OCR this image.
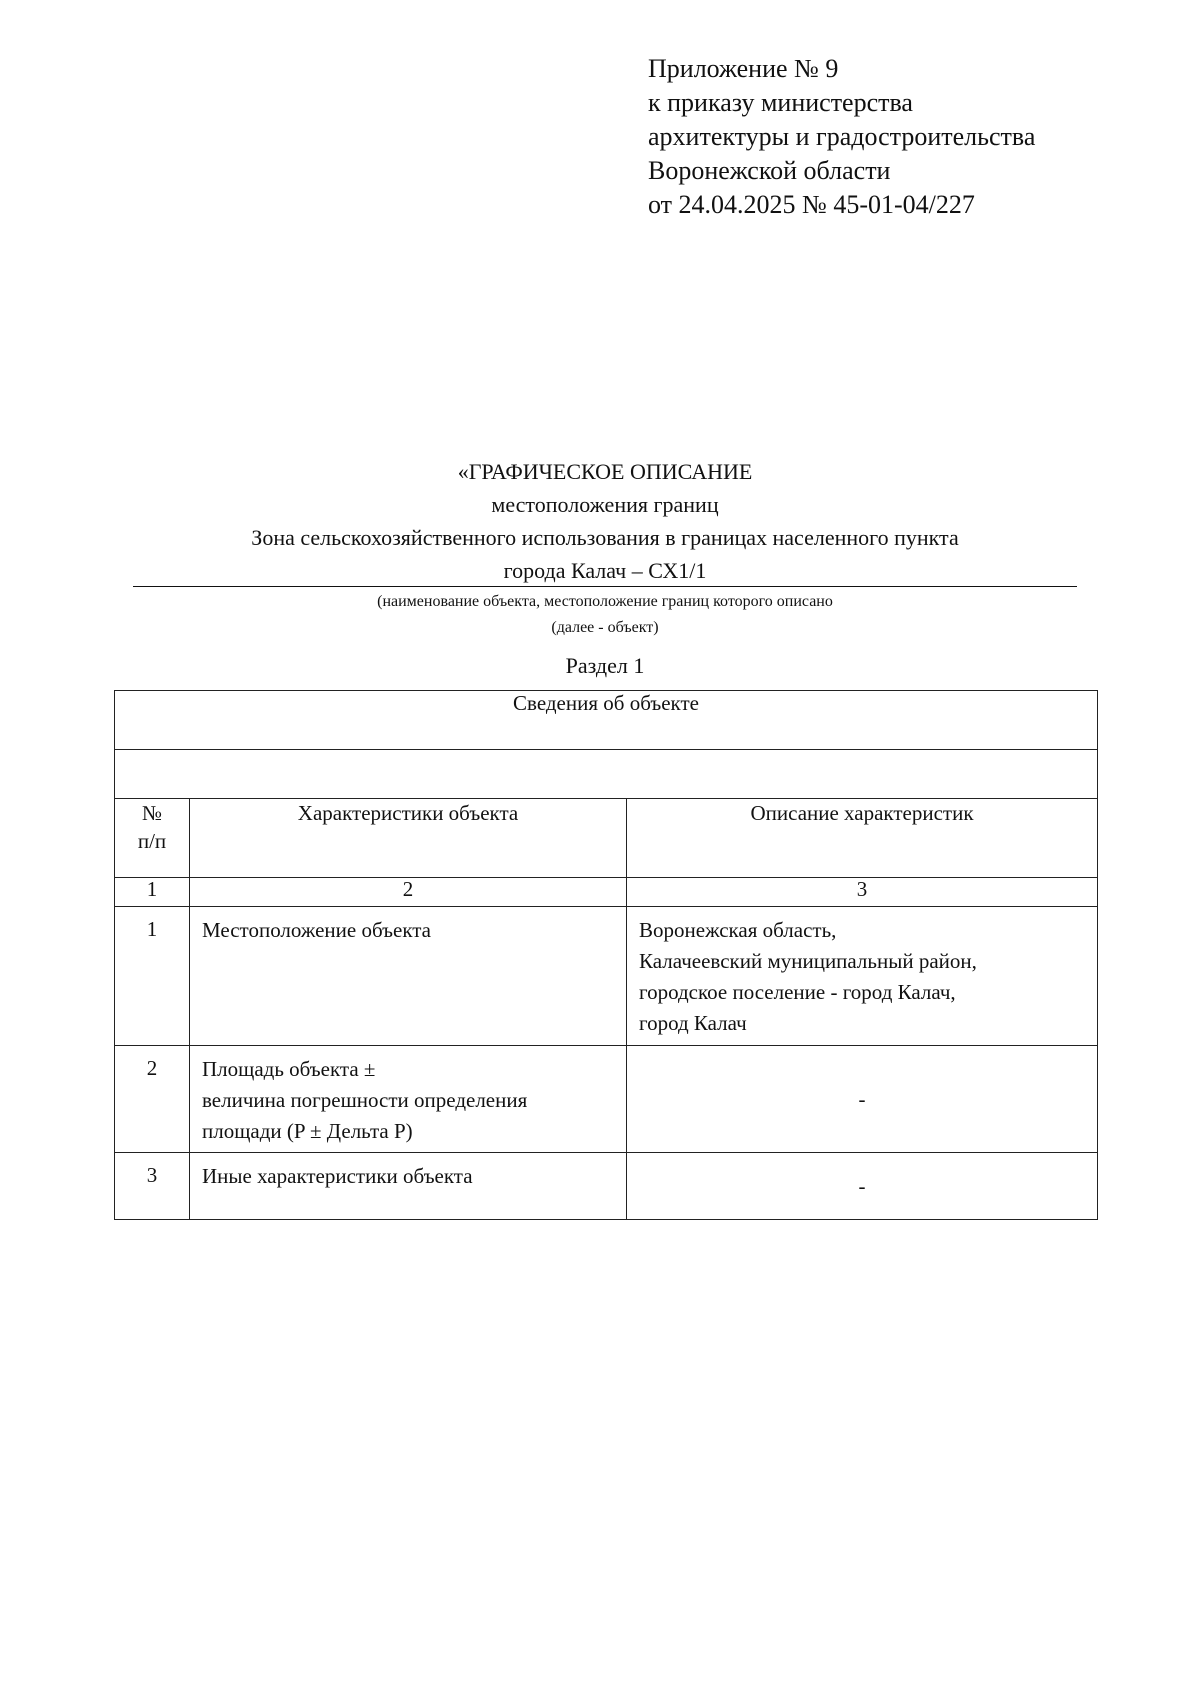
Приложение № 9
к приказу министерства
архитектуры и градостроительства
Воронежской области
от 24.04.2025 № 45-01-04/227
«ГРАФИЧЕСКОЕ ОПИСАНИЕ
местоположения границ
Зона сельскохозяйственного использования в границах населенного пункта
города Калач – СХ1/1
(наименование объекта, местоположение границ которого описано
(далее - объект)
Раздел 1
Сведения об объекте		

№
п/п	Характеристики объекта	Описание характеристик
1	2	3
1	Местоположение объекта	Воронежская область,
Калачеевский муниципальный район,
городское поселение - город Калач,
город Калач

2	Площадь объекта ±
величина погрешности определения
площади (P ± Дельта P)	-
3	Иные характеристики объекта	-
